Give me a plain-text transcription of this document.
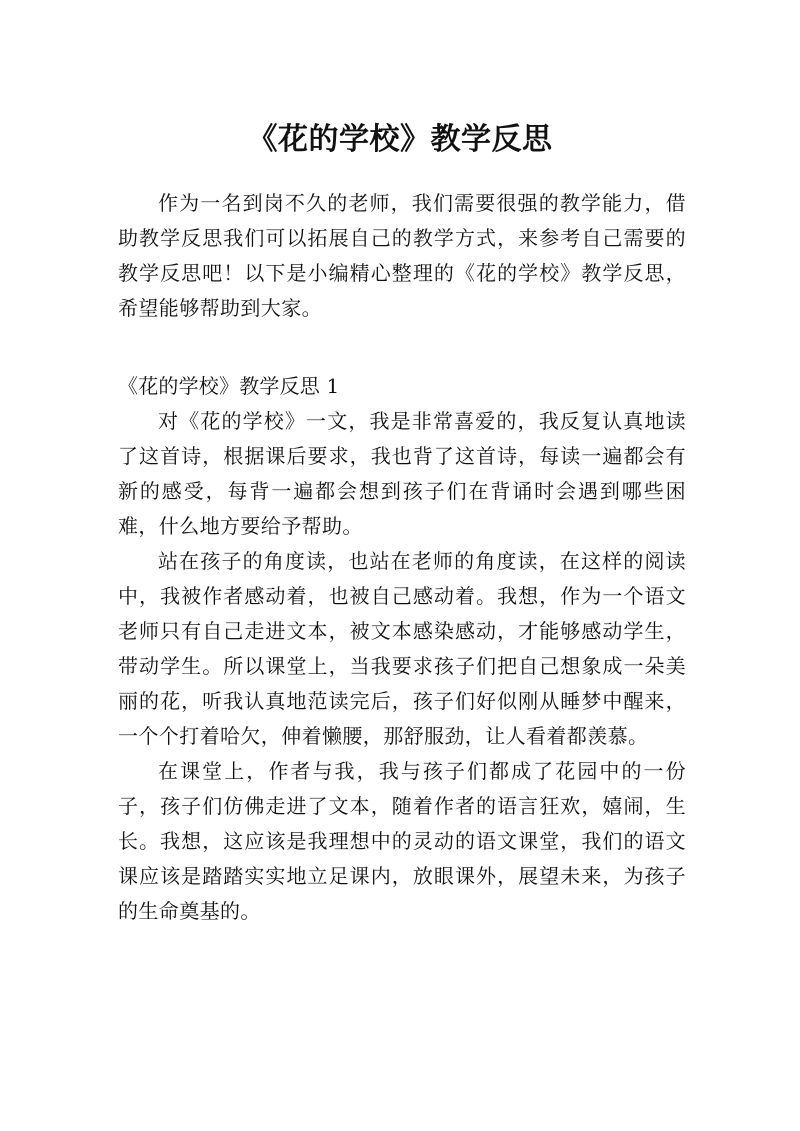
《花的学校》教学反思

作为一名到岗不久的老师，我们需要很强的教学能力，借助教学反思我们可以拓展自己的教学方式，来参考自己需要的教学反思吧！以下是小编精心整理的《花的学校》教学反思，希望能够帮助到大家。

《花的学校》教学反思 1

对《花的学校》一文，我是非常喜爱的，我反复认真地读了这首诗，根据课后要求，我也背了这首诗，每读一遍都会有新的感受，每背一遍都会想到孩子们在背诵时会遇到哪些困难，什么地方要给予帮助。

站在孩子的角度读，也站在老师的角度读，在这样的阅读中，我被作者感动着，也被自己感动着。我想，作为一个语文老师只有自己走进文本，被文本感染感动，才能够感动学生，带动学生。所以课堂上，当我要求孩子们把自己想象成一朵美丽的花，听我认真地范读完后，孩子们好似刚从睡梦中醒来，一个个打着哈欠，伸着懒腰，那舒服劲，让人看着都羡慕。

在课堂上，作者与我，我与孩子们都成了花园中的一份子，孩子们仿佛走进了文本，随着作者的语言狂欢，嬉闹，生长。我想，这应该是我理想中的灵动的语文课堂，我们的语文课应该是踏踏实实地立足课内，放眼课外，展望未来，为孩子的生命奠基的。
